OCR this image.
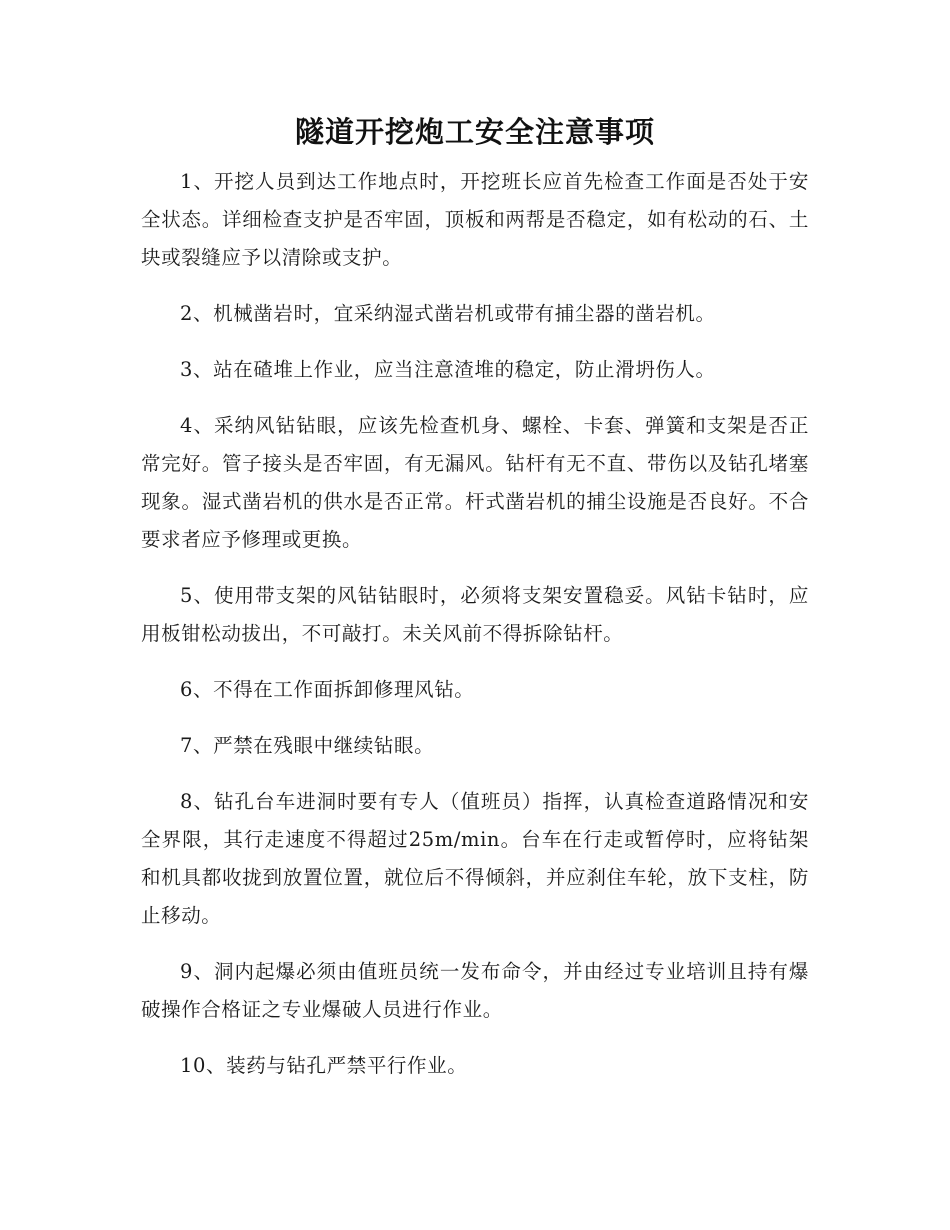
隧道开挖炮工安全注意事项

1、开挖人员到达工作地点时，开挖班长应首先检查工作面是否处于安全状态。详细检查支护是否牢固，顶板和两帮是否稳定，如有松动的石、土块或裂缝应予以清除或支护。

2、机械凿岩时，宜采纳湿式凿岩机或带有捕尘器的凿岩机。

3、站在碴堆上作业，应当注意渣堆的稳定，防止滑坍伤人。

4、采纳风钻钻眼，应该先检查机身、螺栓、卡套、弹簧和支架是否正常完好。管子接头是否牢固，有无漏风。钻杆有无不直、带伤以及钻孔堵塞现象。湿式凿岩机的供水是否正常。杆式凿岩机的捕尘设施是否良好。不合要求者应予修理或更换。

5、使用带支架的风钻钻眼时，必须将支架安置稳妥。风钻卡钻时，应用板钳松动拔出，不可敲打。未关风前不得拆除钻杆。

6、不得在工作面拆卸修理风钻。

7、严禁在残眼中继续钻眼。

8、钻孔台车进洞时要有专人（值班员）指挥，认真检查道路情况和安全界限，其行走速度不得超过25m/min。台车在行走或暂停时，应将钻架和机具都收拢到放置位置，就位后不得倾斜，并应刹住车轮，放下支柱，防止移动。

9、洞内起爆必须由值班员统一发布命令，并由经过专业培训且持有爆破操作合格证之专业爆破人员进行作业。

10、装药与钻孔严禁平行作业。
